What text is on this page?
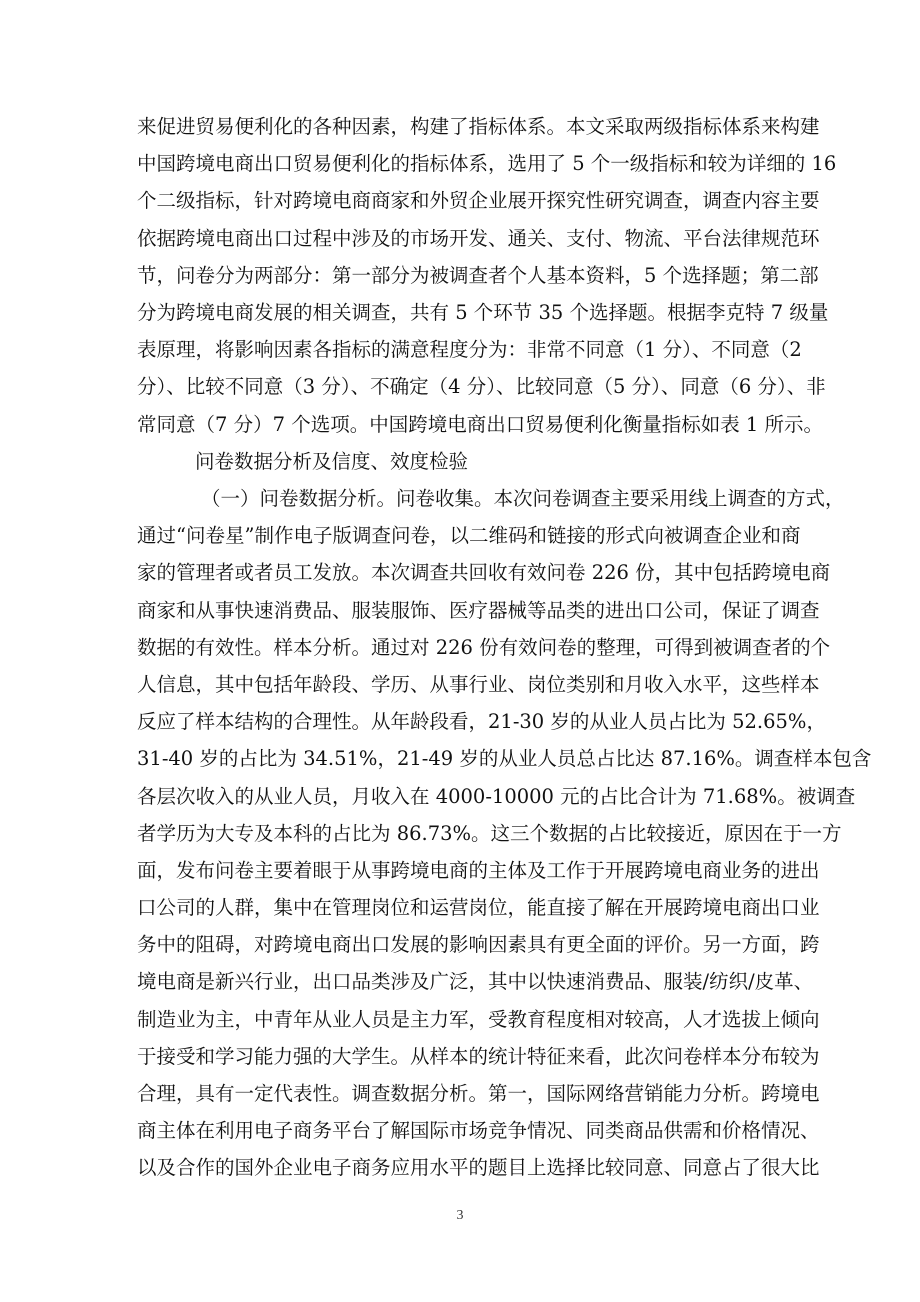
来促进贸易便利化的各种因素，构建了指标体系。本文采取两级指标体系来构建
中国跨境电商出口贸易便利化的指标体系，选用了 5 个一级指标和较为详细的 16
个二级指标，针对跨境电商商家和外贸企业展开探究性研究调查，调查内容主要
依据跨境电商出口过程中涉及的市场开发、通关、支付、物流、平台法律规范环
节，问卷分为两部分：第一部分为被调查者个人基本资料，5 个选择题；第二部
分为跨境电商发展的相关调查，共有 5 个环节 35 个选择题。根据李克特 7 级量
表原理，将影响因素各指标的满意程度分为：非常不同意（1 分）、不同意（2
分）、比较不同意（3 分）、不确定（4 分）、比较同意（5 分）、同意（6 分）、非
常同意（7 分）7 个选项。中国跨境电商出口贸易便利化衡量指标如表 1 所示。
问卷数据分析及信度、效度检验
（一）问卷数据分析。问卷收集。本次问卷调查主要采用线上调查的方式，
通过“问卷星”制作电子版调查问卷，以二维码和链接的形式向被调查企业和商
家的管理者或者员工发放。本次调查共回收有效问卷 226 份，其中包括跨境电商
商家和从事快速消费品、服装服饰、医疗器械等品类的进出口公司，保证了调查
数据的有效性。样本分析。通过对 226 份有效问卷的整理，可得到被调查者的个
人信息，其中包括年龄段、学历、从事行业、岗位类别和月收入水平，这些样本
反应了样本结构的合理性。从年龄段看，21-30 岁的从业人员占比为 52.65%，
31-40 岁的占比为 34.51%，21-49 岁的从业人员总占比达 87.16%。调查样本包含
各层次收入的从业人员，月收入在 4000-10000 元的占比合计为 71.68%。被调查
者学历为大专及本科的占比为 86.73%。这三个数据的占比较接近，原因在于一方
面，发布问卷主要着眼于从事跨境电商的主体及工作于开展跨境电商业务的进出
口公司的人群，集中在管理岗位和运营岗位，能直接了解在开展跨境电商出口业
务中的阻碍，对跨境电商出口发展的影响因素具有更全面的评价。另一方面，跨
境电商是新兴行业，出口品类涉及广泛，其中以快速消费品、服装/纺织/皮革、
制造业为主，中青年从业人员是主力军，受教育程度相对较高，人才选拔上倾向
于接受和学习能力强的大学生。从样本的统计特征来看，此次问卷样本分布较为
合理，具有一定代表性。调查数据分析。第一，国际网络营销能力分析。跨境电
商主体在利用电子商务平台了解国际市场竞争情况、同类商品供需和价格情况、
以及合作的国外企业电子商务应用水平的题目上选择比较同意、同意占了很大比
3
